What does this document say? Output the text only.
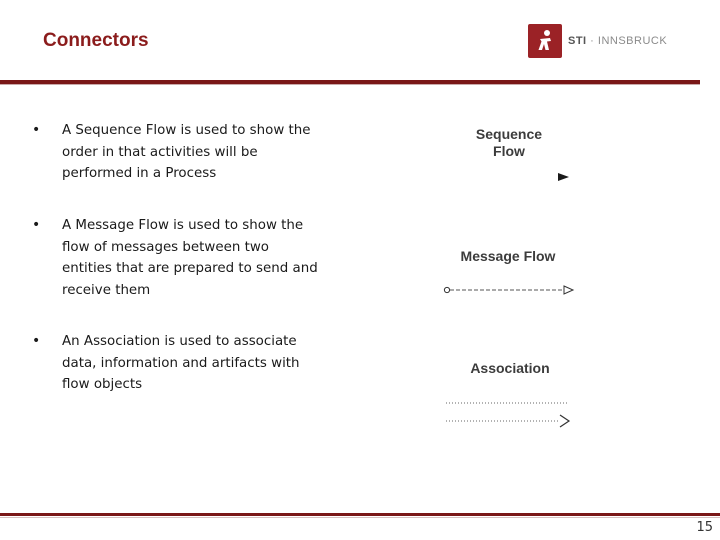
Connectors	STI · INNSBRUCK
• A Sequence Flow is used to show the order in that activities will be performed in a Process
• A Message Flow is used to show the flow of messages between two entities that are prepared to send and receive them
• An Association is used to associate data, information and artifacts with flow objects
Sequence
Flow
Message Flow
Association
15
